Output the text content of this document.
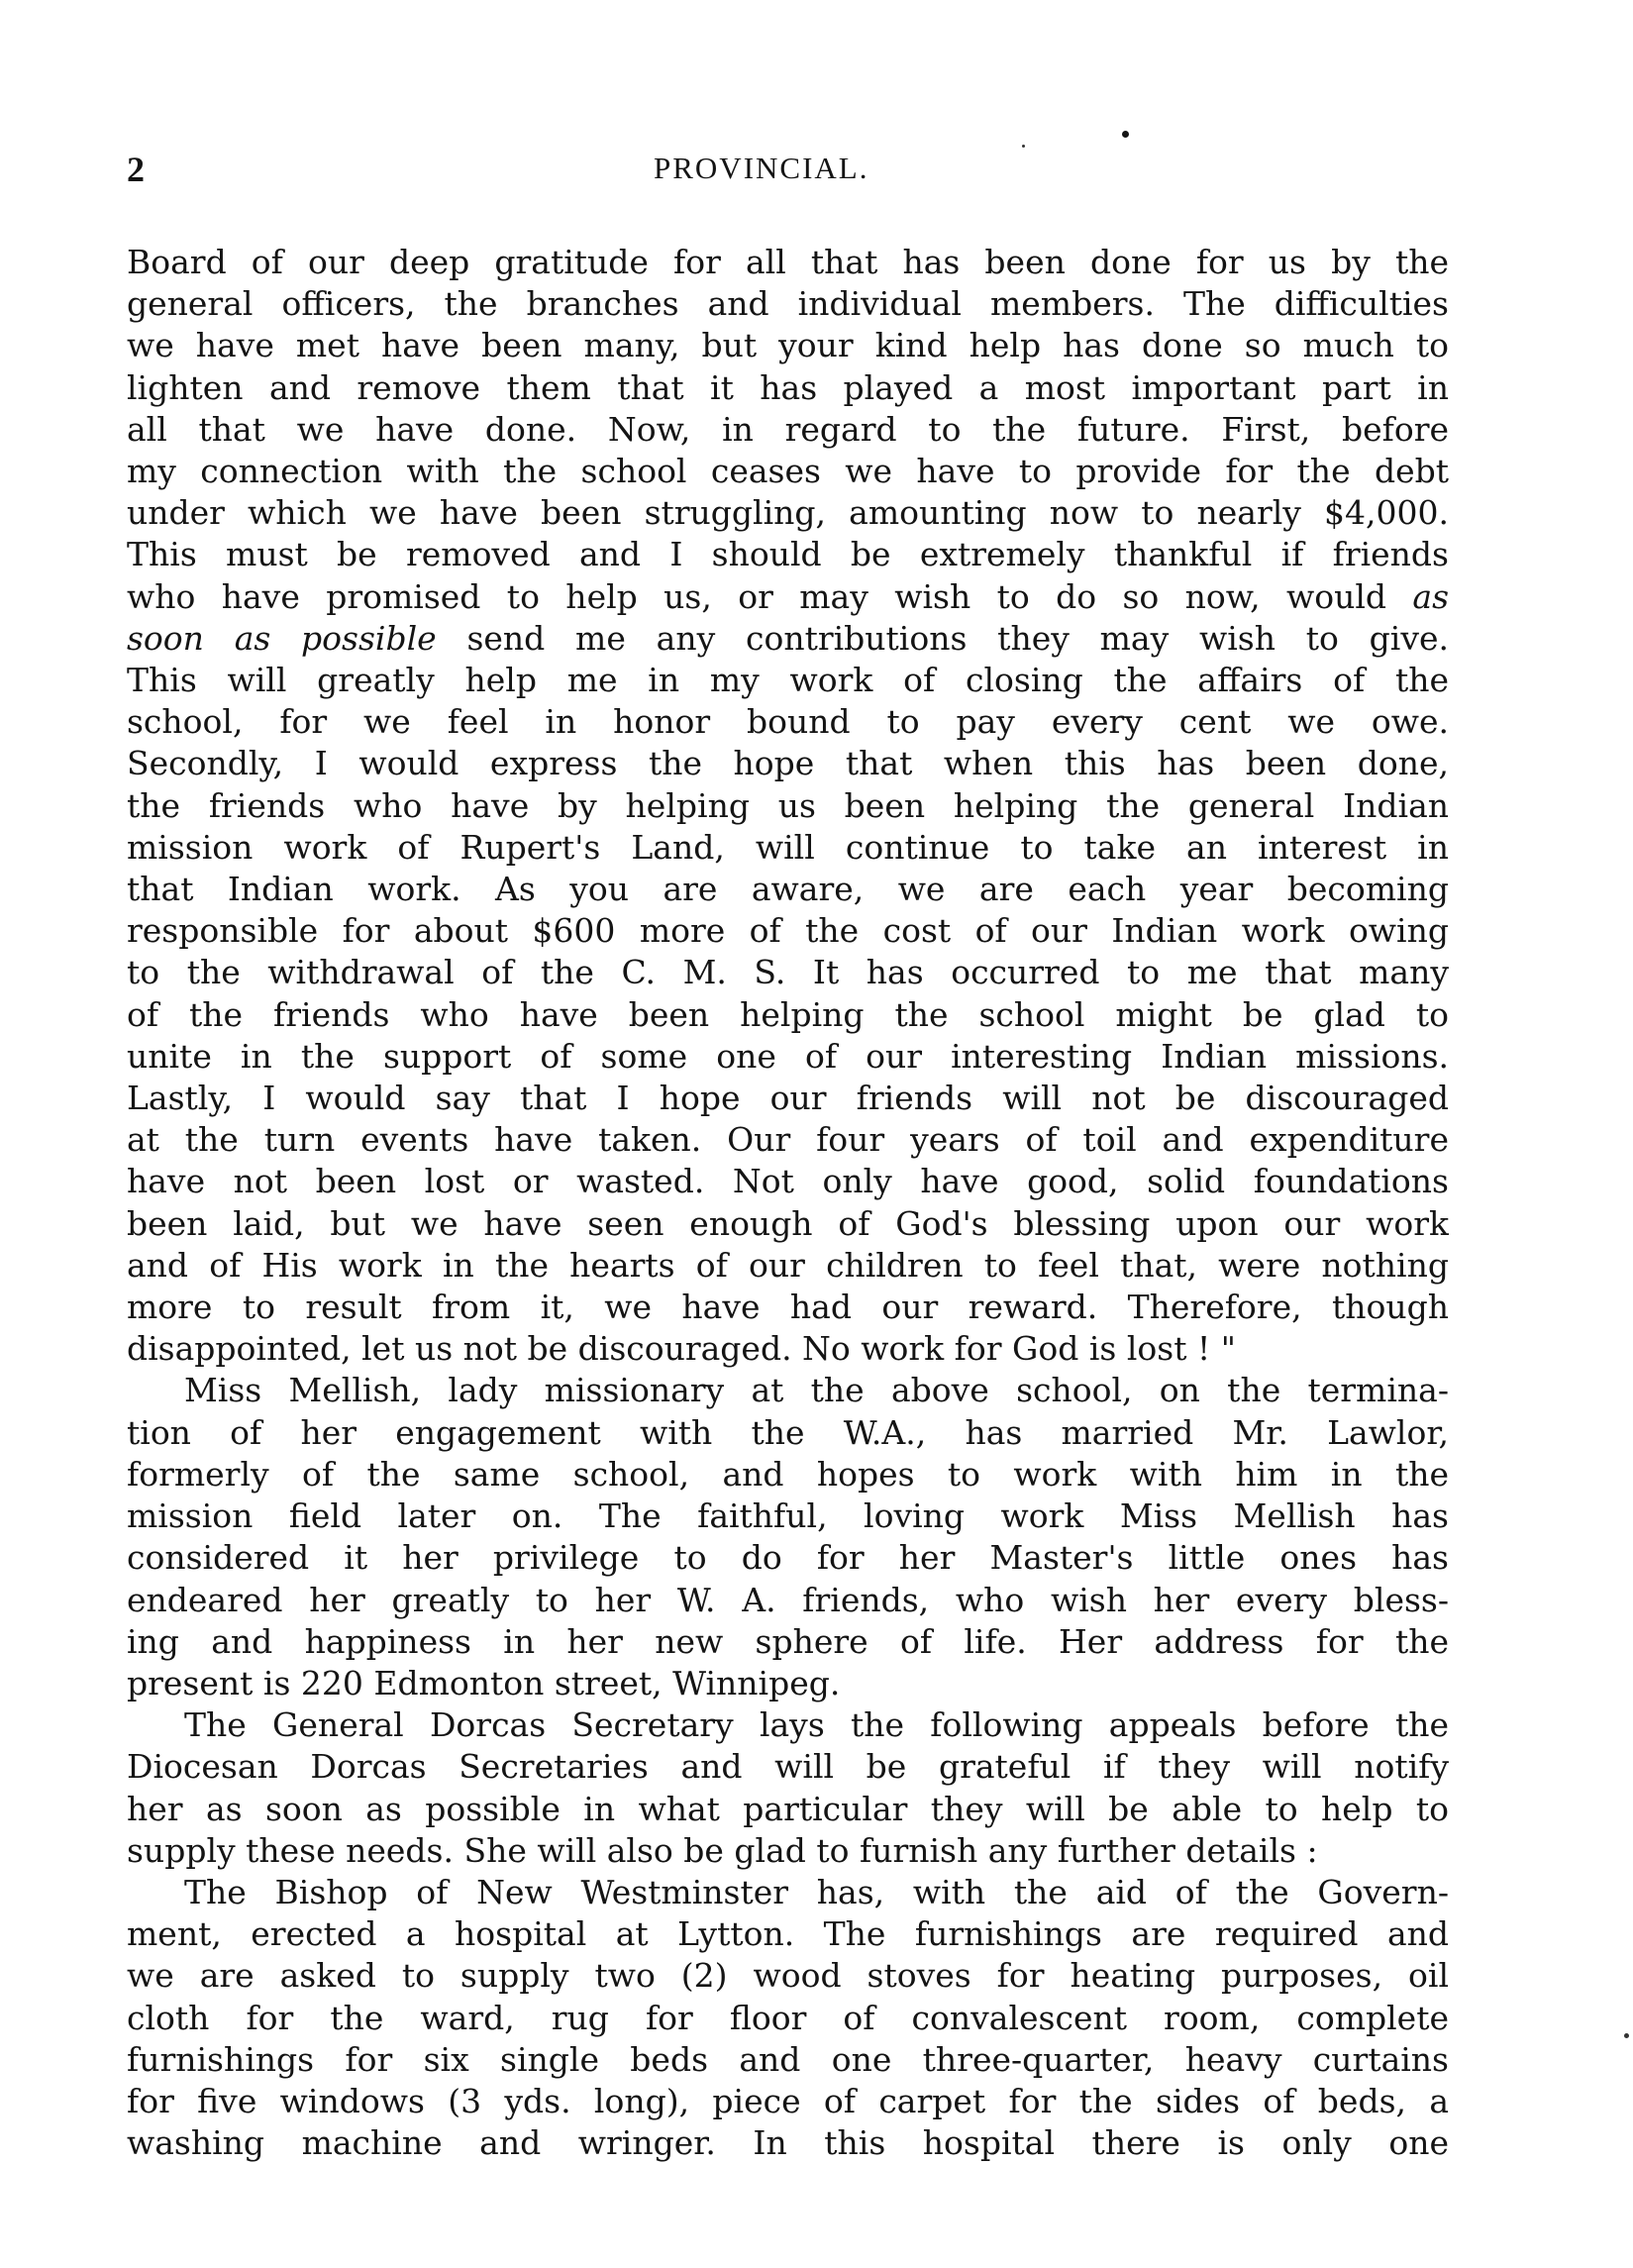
2	PROVINCIAL.

Board of our deep gratitude for all that has been done for us by the
general officers, the branches and individual members. The difficulties
we have met have been many, but your kind help has done so much to
lighten and remove them that it has played a most important part in
all that we have done. Now, in regard to the future. First, before
my connection with the school ceases we have to provide for the debt
under which we have been struggling, amounting now to nearly $4,000.
This must be removed and I should be extremely thankful if friends
who have promised to help us, or may wish to do so now, would as
soon as possible send me any contributions they may wish to give.
This will greatly help me in my work of closing the affairs of the
school, for we feel in honor bound to pay every cent we owe.
Secondly, I would express the hope that when this has been done,
the friends who have by helping us been helping the general Indian
mission work of Rupert's Land, will continue to take an interest in
that Indian work. As you are aware, we are each year becoming
responsible for about $600 more of the cost of our Indian work owing
to the withdrawal of the C. M. S. It has occurred to me that many
of the friends who have been helping the school might be glad to
unite in the support of some one of our interesting Indian missions.
Lastly, I would say that I hope our friends will not be discouraged
at the turn events have taken. Our four years of toil and expenditure
have not been lost or wasted. Not only have good, solid foundations
been laid, but we have seen enough of God's blessing upon our work
and of His work in the hearts of our children to feel that, were nothing
more to result from it, we have had our reward. Therefore, though
disappointed, let us not be discouraged. No work for God is lost ! "

Miss Mellish, lady missionary at the above school, on the termina-
tion of her engagement with the W.A., has married Mr. Lawlor,
formerly of the same school, and hopes to work with him in the
mission field later on. The faithful, loving work Miss Mellish has
considered it her privilege to do for her Master's little ones has
endeared her greatly to her W. A. friends, who wish her every bless-
ing and happiness in her new sphere of life. Her address for the
present is 220 Edmonton street, Winnipeg.

The General Dorcas Secretary lays the following appeals before the
Diocesan Dorcas Secretaries and will be grateful if they will notify
her as soon as possible in what particular they will be able to help to
supply these needs. She will also be glad to furnish any further details :

The Bishop of New Westminster has, with the aid of the Govern-
ment, erected a hospital at Lytton. The furnishings are required and
we are asked to supply two (2) wood stoves for heating purposes, oil
cloth for the ward, rug for floor of convalescent room, complete
furnishings for six single beds and one three-quarter, heavy curtains
for five windows (3 yds. long), piece of carpet for the sides of beds, a
washing machine and wringer. In this hospital there is only one
